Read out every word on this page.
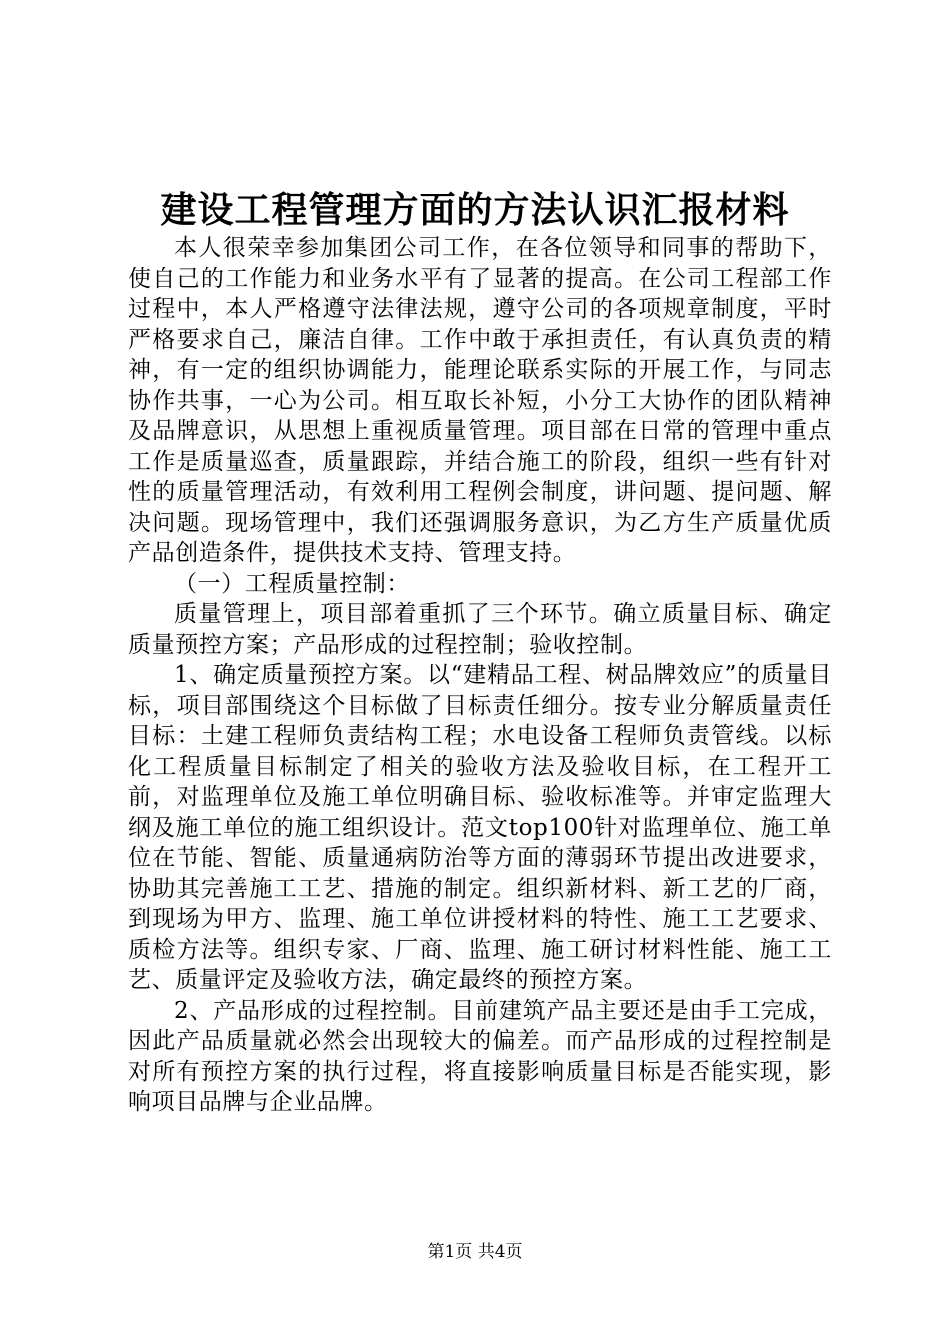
建设工程管理方面的方法认识汇报材料

本人很荣幸参加集团公司工作，在各位领导和同事的帮助下，使自己的工作能力和业务水平有了显著的提高。在公司工程部工作过程中，本人严格遵守法律法规，遵守公司的各项规章制度，平时严格要求自己，廉洁自律。工作中敢于承担责任，有认真负责的精神，有一定的组织协调能力，能理论联系实际的开展工作，与同志协作共事，一心为公司。相互取长补短，小分工大协作的团队精神及品牌意识，从思想上重视质量管理。项目部在日常的管理中重点工作是质量巡查，质量跟踪，并结合施工的阶段，组织一些有针对性的质量管理活动，有效利用工程例会制度，讲问题、提问题、解决问题。现场管理中，我们还强调服务意识，为乙方生产质量优质产品创造条件，提供技术支持、管理支持。

（一）工程质量控制：

质量管理上，项目部着重抓了三个环节。确立质量目标、确定质量预控方案；产品形成的过程控制；验收控制。

1、确定质量预控方案。以“建精品工程、树品牌效应”的质量目标，项目部围绕这个目标做了目标责任细分。按专业分解质量责任目标：土建工程师负责结构工程；水电设备工程师负责管线。以标化工程质量目标制定了相关的验收方法及验收目标，在工程开工前，对监理单位及施工单位明确目标、验收标准等。并审定监理大纲及施工单位的施工组织设计。范文top100针对监理单位、施工单位在节能、智能、质量通病防治等方面的薄弱环节提出改进要求，协助其完善施工工艺、措施的制定。组织新材料、新工艺的厂商，到现场为甲方、监理、施工单位讲授材料的特性、施工工艺要求、质检方法等。组织专家、厂商、监理、施工研讨材料性能、施工工艺、质量评定及验收方法，确定最终的预控方案。

2、产品形成的过程控制。目前建筑产品主要还是由手工完成，因此产品质量就必然会出现较大的偏差。而产品形成的过程控制是对所有预控方案的执行过程，将直接影响质量目标是否能实现，影响项目品牌与企业品牌。

第1页 共4页
